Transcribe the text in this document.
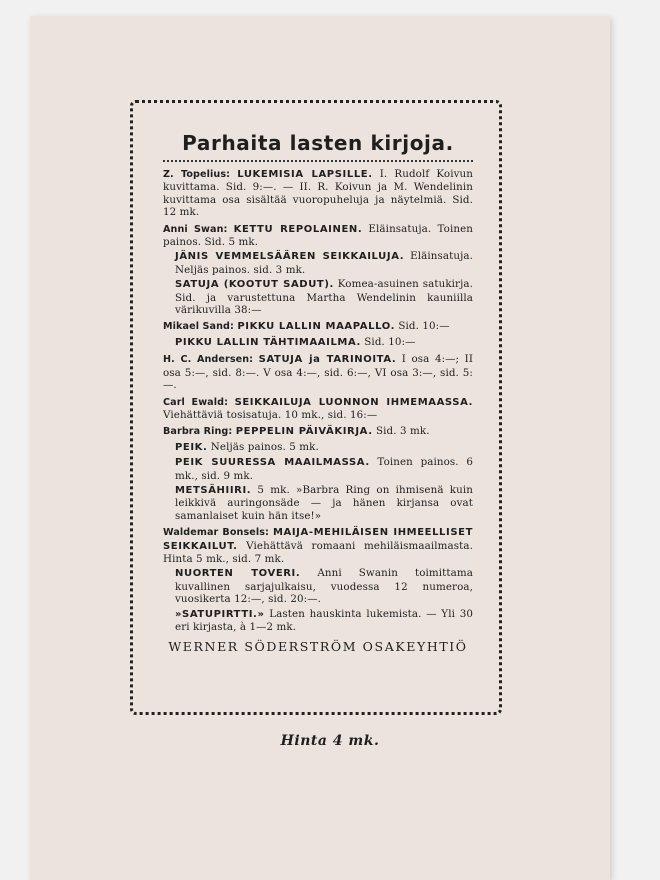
Parhaita lasten kirjoja.
Z. Topelius: LUKEMISIA LAPSILLE. I. Rudolf Koivun kuvittama. Sid. 9:—. — II. R. Koivun ja M. Wendelinin kuvittama osa sisältää vuoropuheluja ja näytelmiä. Sid. 12 mk.
Anni Swan: KETTU REPOLAINEN. Eläinsatuja. Toinen painos. Sid. 5 mk.
JÄNIS VEMMELSÄÄREN SEIKKAILUJA. Eläinsatuja. Neljäs painos. sid. 3 mk.
SATUJA (KOOTUT SADUT). Komea-asuinen satukirja. Sid. ja varustettuna Martha Wendelinin kauniilla värikuvilla 38:—
Mikael Sand: PIKKU LALLIN MAAPALLO. Sid. 10:—
PIKKU LALLIN TÄHTIMAAILMA. Sid. 10:—
H. C. Andersen: SATUJA ja TARINOITA. I osa 4:—; II osa 5:—, sid. 8:—. V osa 4:—, sid. 6:—, VI osa 3:—, sid. 5:—.
Carl Ewald: SEIKKAILUJA LUONNON IHMEMAASSA. Viehättäviä tosisatuja. 10 mk., sid. 16:—
Barbra Ring: PEPPELIN PÄIVÄKIRJA. Sid. 3 mk.
PEIK. Neljäs painos. 5 mk.
PEIK SUURESSA MAAILMASSA. Toinen painos. 6 mk., sid. 9 mk.
METSÄHIIRI. 5 mk. »Barbra Ring on ihmisenä kuin leikkivä auringonsäde — ja hänen kirjansa ovat samanlaiset kuin hän itse!»
Waldemar Bonsels: MAIJA-MEHILÄISEN IHMEELLISET SEIKKAILUT. Viehättävä romaani mehiläismaailmasta. Hinta 5 mk., sid. 7 mk.
NUORTEN TOVERI. Anni Swanin toimittama kuvallinen sarjajulkaisu, vuodessa 12 numeroa, vuosikerta 12:—, sid. 20:—.
»SATUPIRTTI.» Lasten hauskinta lukemista. — Yli 30 eri kirjasta, à 1—2 mk.
WERNER SÖDERSTRÖM OSAKEYHTIÖ
Hinta 4 mk.
